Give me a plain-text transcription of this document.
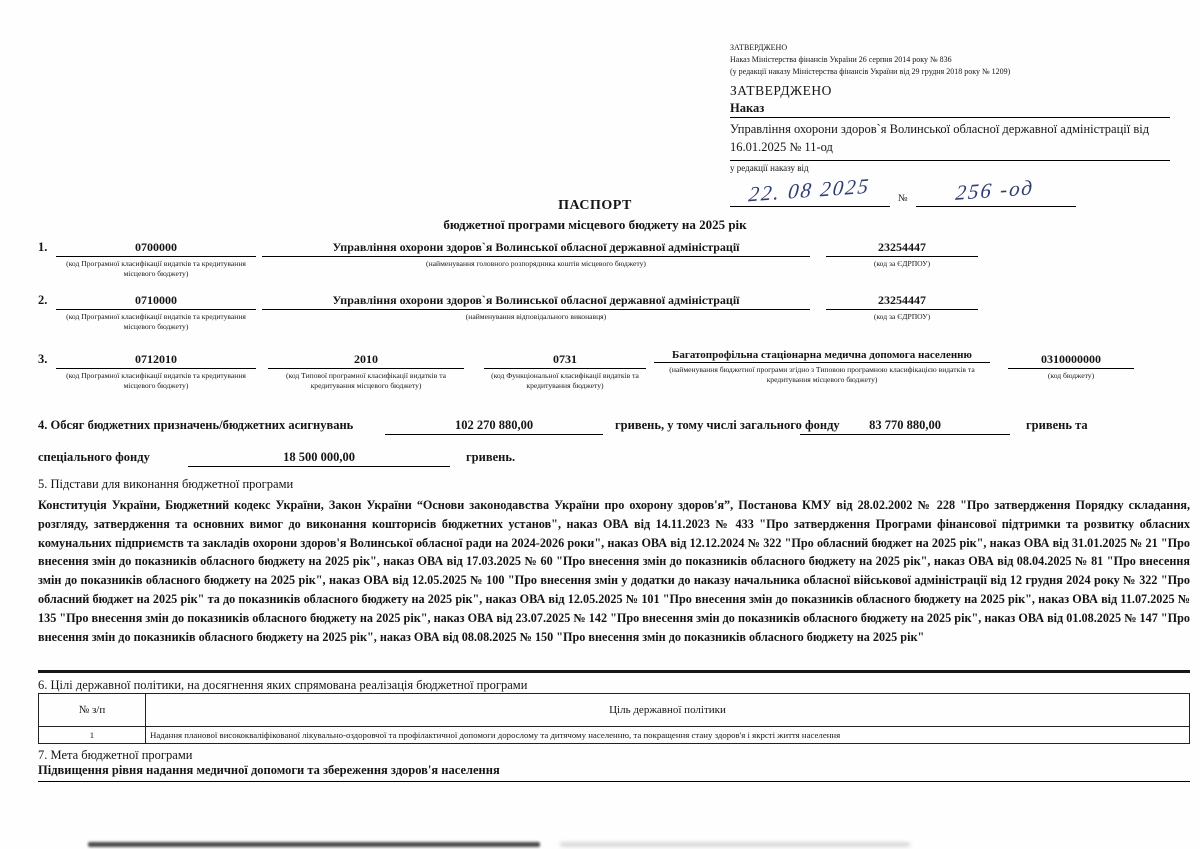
ЗАТВЕРДЖЕНО
Наказ Міністерства фінансів України 26 серпня 2014 року № 836
(у редакції наказу Міністерства фінансів України від 29 грудня 2018 року № 1209)
ЗАТВЕРДЖЕНО
Наказ
Управління охорони здоров`я Волинської обласної державної адміністрації від 16.01.2025 № 11-од
у редакції наказу від
22. 08 2025	№	256 -од
ПАСПОРТ
бюджетної програми місцевого бюджету на 2025 рік
1.	0700000
(код Програмної класифікації видатків та кредитування місцевого бюджету)
Управління охорони здоров`я Волинської обласної державної адміністрації
(найменування головного розпорядника коштів місцевого бюджету)
23254447
(код за ЄДРПОУ)
2.	0710000
(код Програмної класифікації видатків та кредитування місцевого бюджету)
Управління охорони здоров`я Волинської обласної державної адміністрації
(найменування відповідального виконавця)
23254447
(код за ЄДРПОУ)
3.	0712010
(код Програмної класифікації видатків та кредитування місцевого бюджету)
2010
(код Типової програмної класифікації видатків та кредитування місцевого бюджету)
0731
(код Функціональної класифікації видатків та кредитування бюджету)
Багатопрофільна стаціонарна медична допомога населенню
(найменування бюджетної програми згідно з Типовою програмною класифікацією видатків та кредитування місцевого бюджету)
0310000000
(код бюджету)
4. Обсяг бюджетних призначень/бюджетних асигнувань	102 270 880,00	гривень, у тому числі загального фонду	83 770 880,00	гривень та
спеціального фонду	18 500 000,00	гривень.
5. Підстави для виконання бюджетної програми
Конституція України, Бюджетний кодекс України, Закон України “Основи законодавства України про охорону здоров'я”, Постанова КМУ від 28.02.2002 № 228 "Про затвердження Порядку складання, розгляду, затвердження та основних вимог до виконання кошторисів бюджетних установ", наказ ОВА від 14.11.2023 № 433 "Про затвердження Програми фінансової підтримки та розвитку обласних комунальних підприємств та закладів охорони здоров'я Волинської обласної ради на 2024-2026 роки", наказ ОВА від 12.12.2024 № 322 "Про обласний бюджет на 2025 рік", наказ ОВА від 31.01.2025 № 21 "Про внесення змін до показників обласного бюджету на 2025 рік", наказ ОВА від 17.03.2025 № 60 "Про внесення змін до показників обласного бюджету на 2025 рік", наказ ОВА від 08.04.2025 № 81 "Про внесення змін до показників обласного бюджету на 2025 рік", наказ ОВА від 12.05.2025 № 100 "Про внесення змін у додатки до наказу начальника обласної військової адміністрації від 12 грудня 2024 року № 322 "Про обласний бюджет на 2025 рік" та до показників обласного бюджету на 2025 рік", наказ ОВА від 12.05.2025 № 101 "Про внесення змін до показників обласного бюджету на 2025 рік", наказ ОВА від 11.07.2025 № 135 "Про внесення змін до показників обласного бюджету на 2025 рік", наказ ОВА від 23.07.2025 № 142 "Про внесення змін до показників обласного бюджету на 2025 рік", наказ ОВА від 01.08.2025 № 147 "Про внесення змін до показників обласного бюджету на 2025 рік", наказ ОВА від 08.08.2025 № 150 "Про внесення змін до показників обласного бюджету на 2025 рік"
6. Цілі державної політики, на досягнення яких спрямована реалізація бюджетної програми
№ з/п	Ціль державної політики
1	Надання планової висококваліфікованої лікувально-оздоровчої та профілактичної допомоги дорослому та дитячому населенню, та покращення стану здоров'я і якрсті життя населення
7. Мета бюджетної програми
Підвищення рівня надання медичної допомоги та збереження здоров'я населення
